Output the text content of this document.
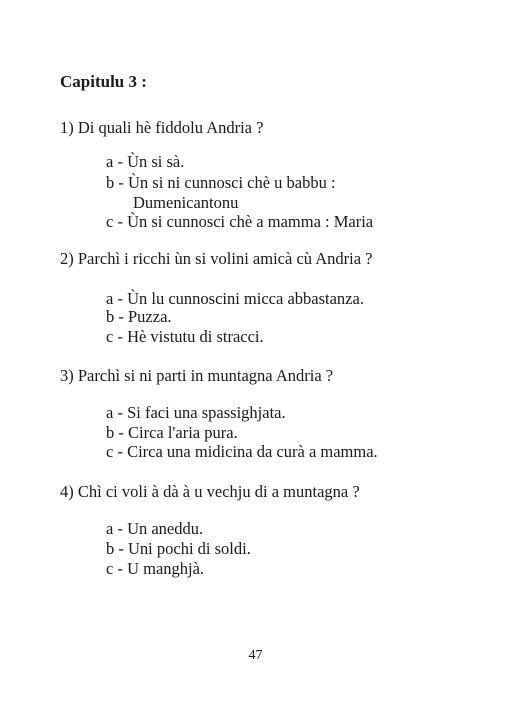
Capitulu 3 :
1) Di quali hè fiddolu Andria ?
a - Ùn si sà.
b - Ùn si ni cunnosci chè u babbu :
Dumenicantonu
c - Ùn si cunnosci chè a mamma : Maria
2) Parchì i ricchi ùn si volini amicà cù Andria ?
a - Ùn lu cunnoscini micca abbastanza.
b - Puzza.
c - Hè vistutu di stracci.
3) Parchì si ni parti in muntagna Andria ?
a - Si faci una spassighjata.
b - Circa l'aria pura.
c - Circa una midicina da curà a mamma.
4) Chì ci voli à dà à u vechju di a muntagna ?
a - Un aneddu.
b - Uni pochi di soldi.
c - U manghjà.
47
